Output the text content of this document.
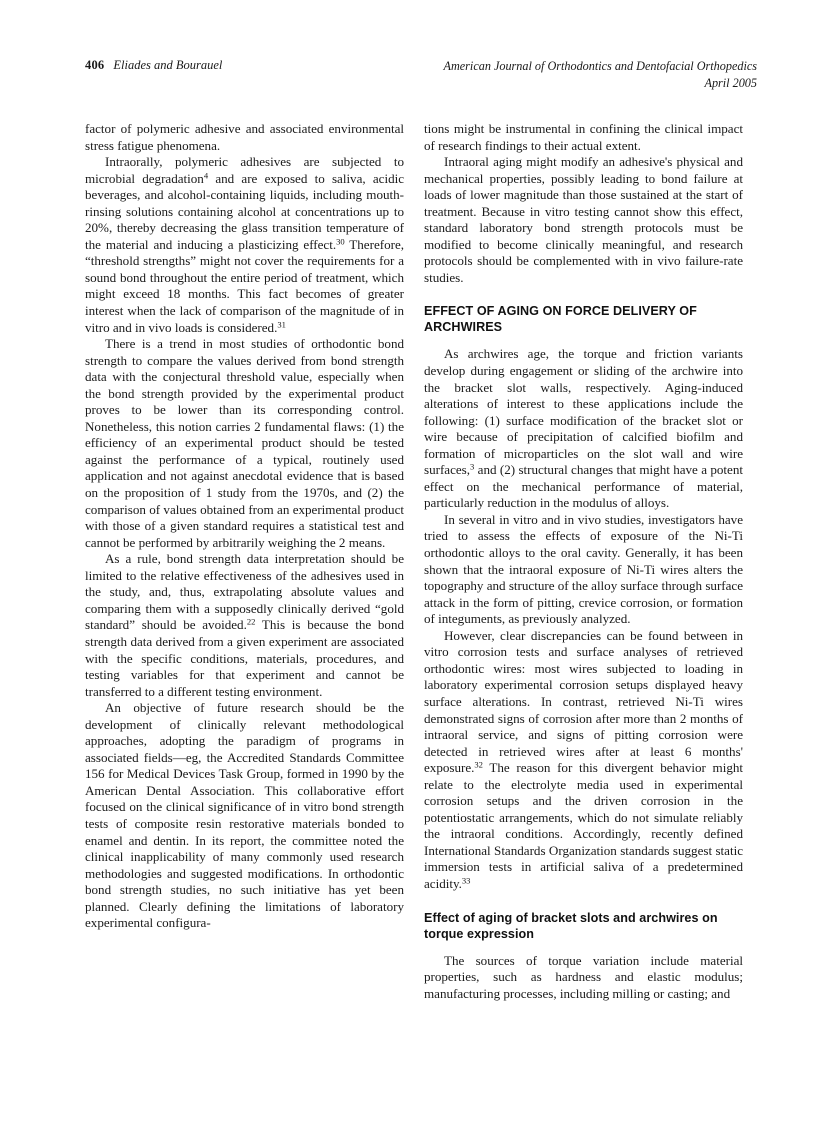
406 Eliades and Bourauel	American Journal of Orthodontics and Dentofacial Orthopedics
April 2005

factor of polymeric adhesive and associated environmental stress fatigue phenomena.

Intraorally, polymeric adhesives are subjected to microbial degradation$^4$ and are exposed to saliva, acidic beverages, and alcohol-containing liquids, including mouth-rinsing solutions containing alcohol at concentrations up to 20%, thereby decreasing the glass transition temperature of the material and inducing a plasticizing effect.$^{30}$ Therefore, “threshold strengths” might not cover the requirements for a sound bond throughout the entire period of treatment, which might exceed 18 months. This fact becomes of greater interest when the lack of comparison of the magnitude of in vitro and in vivo loads is considered.$^{31}$

There is a trend in most studies of orthodontic bond strength to compare the values derived from bond strength data with the conjectural threshold value, especially when the bond strength provided by the experimental product proves to be lower than its corresponding control. Nonetheless, this notion carries 2 fundamental flaws: (1) the efficiency of an experimental product should be tested against the performance of a typical, routinely used application and not against anecdotal evidence that is based on the proposition of 1 study from the 1970s, and (2) the comparison of values obtained from an experimental product with those of a given standard requires a statistical test and cannot be performed by arbitrarily weighing the 2 means.

As a rule, bond strength data interpretation should be limited to the relative effectiveness of the adhesives used in the study, and, thus, extrapolating absolute values and comparing them with a supposedly clinically derived “gold standard” should be avoided.$^{22}$ This is because the bond strength data derived from a given experiment are associated with the specific conditions, materials, procedures, and testing variables for that experiment and cannot be transferred to a different testing environment.

An objective of future research should be the development of clinically relevant methodological approaches, adopting the paradigm of programs in associated fields—eg, the Accredited Standards Committee 156 for Medical Devices Task Group, formed in 1990 by the American Dental Association. This collaborative effort focused on the clinical significance of in vitro bond strength tests of composite resin restorative materials bonded to enamel and dentin. In its report, the committee noted the clinical inapplicability of many commonly used research methodologies and suggested modifications. In orthodontic bond strength studies, no such initiative has yet been planned. Clearly defining the limitations of laboratory experimental configura-

tions might be instrumental in confining the clinical impact of research findings to their actual extent.

Intraoral aging might modify an adhesive's physical and mechanical properties, possibly leading to bond failure at loads of lower magnitude than those sustained at the start of treatment. Because in vitro testing cannot show this effect, standard laboratory bond strength protocols must be modified to become clinically meaningful, and research protocols should be complemented with in vivo failure-rate studies.

EFFECT OF AGING ON FORCE DELIVERY OF ARCHWIRES

As archwires age, the torque and friction variants develop during engagement or sliding of the archwire into the bracket slot walls, respectively. Aging-induced alterations of interest to these applications include the following: (1) surface modification of the bracket slot or wire because of precipitation of calcified biofilm and formation of microparticles on the slot wall and wire surfaces,$^3$ and (2) structural changes that might have a potent effect on the mechanical performance of material, particularly reduction in the modulus of alloys.

In several in vitro and in vivo studies, investigators have tried to assess the effects of exposure of the Ni-Ti orthodontic alloys to the oral cavity. Generally, it has been shown that the intraoral exposure of Ni-Ti wires alters the topography and structure of the alloy surface through surface attack in the form of pitting, crevice corrosion, or formation of integuments, as previously analyzed.

However, clear discrepancies can be found between in vitro corrosion tests and surface analyses of retrieved orthodontic wires: most wires subjected to loading in laboratory experimental corrosion setups displayed heavy surface alterations. In contrast, retrieved Ni-Ti wires demonstrated signs of corrosion after more than 2 months of intraoral service, and signs of pitting corrosion were detected in retrieved wires after at least 6 months' exposure.$^{32}$ The reason for this divergent behavior might relate to the electrolyte media used in experimental corrosion setups and the driven corrosion in the potentiostatic arrangements, which do not simulate reliably the intraoral conditions. Accordingly, recently defined International Standards Organization standards suggest static immersion tests in artificial saliva of a predetermined acidity.$^{33}$

Effect of aging of bracket slots and archwires on torque expression

The sources of torque variation include material properties, such as hardness and elastic modulus; manufacturing processes, including milling or casting; and
